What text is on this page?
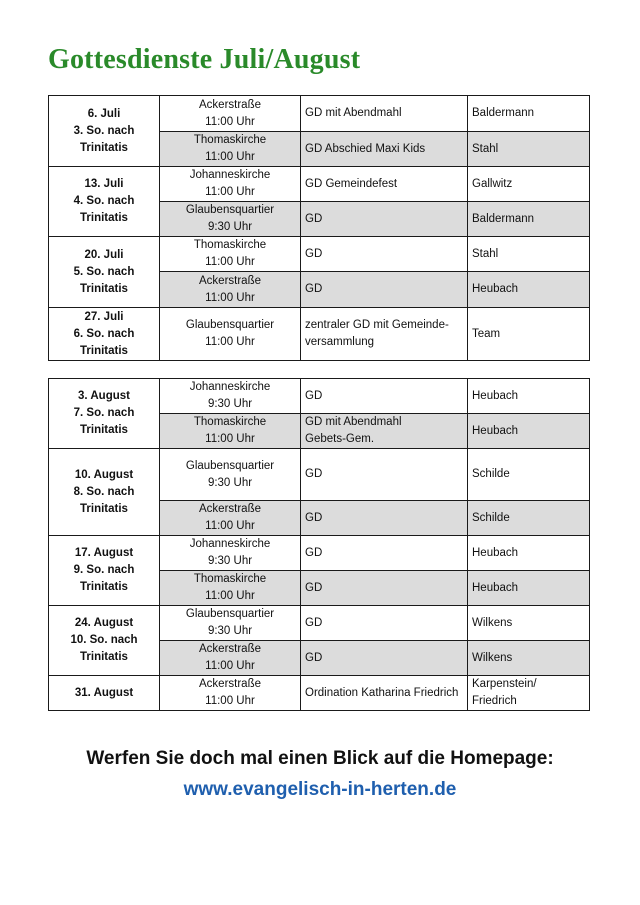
Gottesdienste Juli/August
6. Juli
3. So. nach
Trinitatis	Ackerstraße
11:00 Uhr	GD mit Abendmahl	Baldermann

	Thomaskirche
11:00 Uhr	GD Abschied Maxi Kids	Stahl

13. Juli
4. So. nach
Trinitatis	Johanneskirche
11:00 Uhr	GD Gemeindefest	Gallwitz

	Glaubensquartier
9:30 Uhr	GD	Baldermann

20. Juli
5. So. nach
Trinitatis	Thomaskirche
11:00 Uhr	GD	Stahl

	Ackerstraße
11:00 Uhr	GD	Heubach

27. Juli
6. So. nach
Trinitatis	Glaubensquartier
11:00 Uhr	zentraler GD mit Gemeinde-
versammlung	Team
3. August
7. So. nach
Trinitatis	Johanneskirche
9:30 Uhr	GD	Heubach

	Thomaskirche
11:00 Uhr	GD mit Abendmahl
Gebets-Gem.	Heubach

10. August
8. So. nach
Trinitatis	Glaubensquartier
9:30 Uhr	GD	Schilde

	Ackerstraße
11:00 Uhr	GD	Schilde

17. August
9. So. nach
Trinitatis	Johanneskirche
9:30 Uhr	GD	Heubach

	Thomaskirche
11:00 Uhr	GD	Heubach

24. August
10. So. nach
Trinitatis	Glaubensquartier
9:30 Uhr	GD	Wilkens

	Ackerstraße
11:00 Uhr	GD	Wilkens

31. August	Ackerstraße
11:00 Uhr	Ordination Katharina Friedrich	Karpenstein/
Friedrich
Werfen Sie doch mal einen Blick auf die Homepage:
www.evangelisch-in-herten.de
